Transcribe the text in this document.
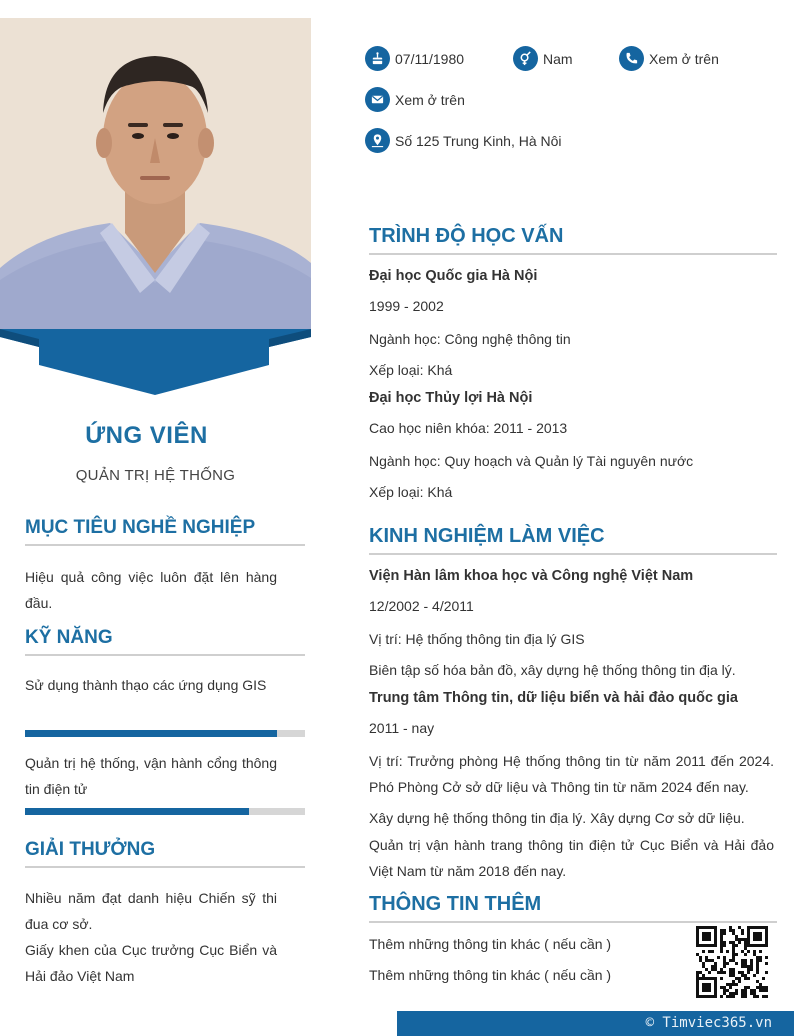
ỨNG VIÊN
QUẢN TRỊ HỆ THỐNG
MỤC TIÊU NGHỀ NGHIỆP
Hiệu quả công việc luôn đặt lên hàng đầu.
KỸ NĂNG
Sử dụng thành thạo các ứng dụng GIS
Quản trị hệ thống, vận hành cổng thông tin điện tử
GIẢI THƯỞNG
Nhiều năm đạt danh hiệu Chiến sỹ thi đua cơ sở.
Giấy khen của Cục trưởng Cục Biển và Hải đảo Việt Nam
07/11/1980	Nam	Xem ở trên
Xem ở trên
Số 125 Trung Kinh, Hà Nôi
TRÌNH ĐỘ HỌC VẤN
Đại học Quốc gia Hà Nội
1999 - 2002
Ngành học: Công nghệ thông tin
Xếp loại: Khá
Đại học Thủy lợi Hà Nội
Cao học niên khóa: 2011 - 2013
Ngành học: Quy hoạch và Quản lý Tài nguyên nước
Xếp loại: Khá
KINH NGHIỆM LÀM VIỆC
Viện Hàn lâm khoa học và Công nghệ Việt Nam
12/2002 - 4/2011
Vị trí: Hệ thống thông tin địa lý GIS
Biên tập số hóa bản đồ, xây dựng hệ thống thông tin địa lý.
Trung tâm Thông tin, dữ liệu biển và hải đảo quốc gia
2011 - nay
Vị trí: Trưởng phòng Hệ thống thông tin từ năm 2011 đến 2024. Phó Phòng Cở sở dữ liệu và Thông tin từ năm 2024 đến nay.
Xây dựng hệ thống thông tin địa lý. Xây dựng Cơ sở dữ liệu.
Quản trị vận hành trang thông tin điện tử Cục Biển và Hải đảo Việt Nam từ năm 2018 đến nay.
THÔNG TIN THÊM
Thêm những thông tin khác ( nếu cần )
Thêm những thông tin khác ( nếu cần )
© Timviec365.vn
